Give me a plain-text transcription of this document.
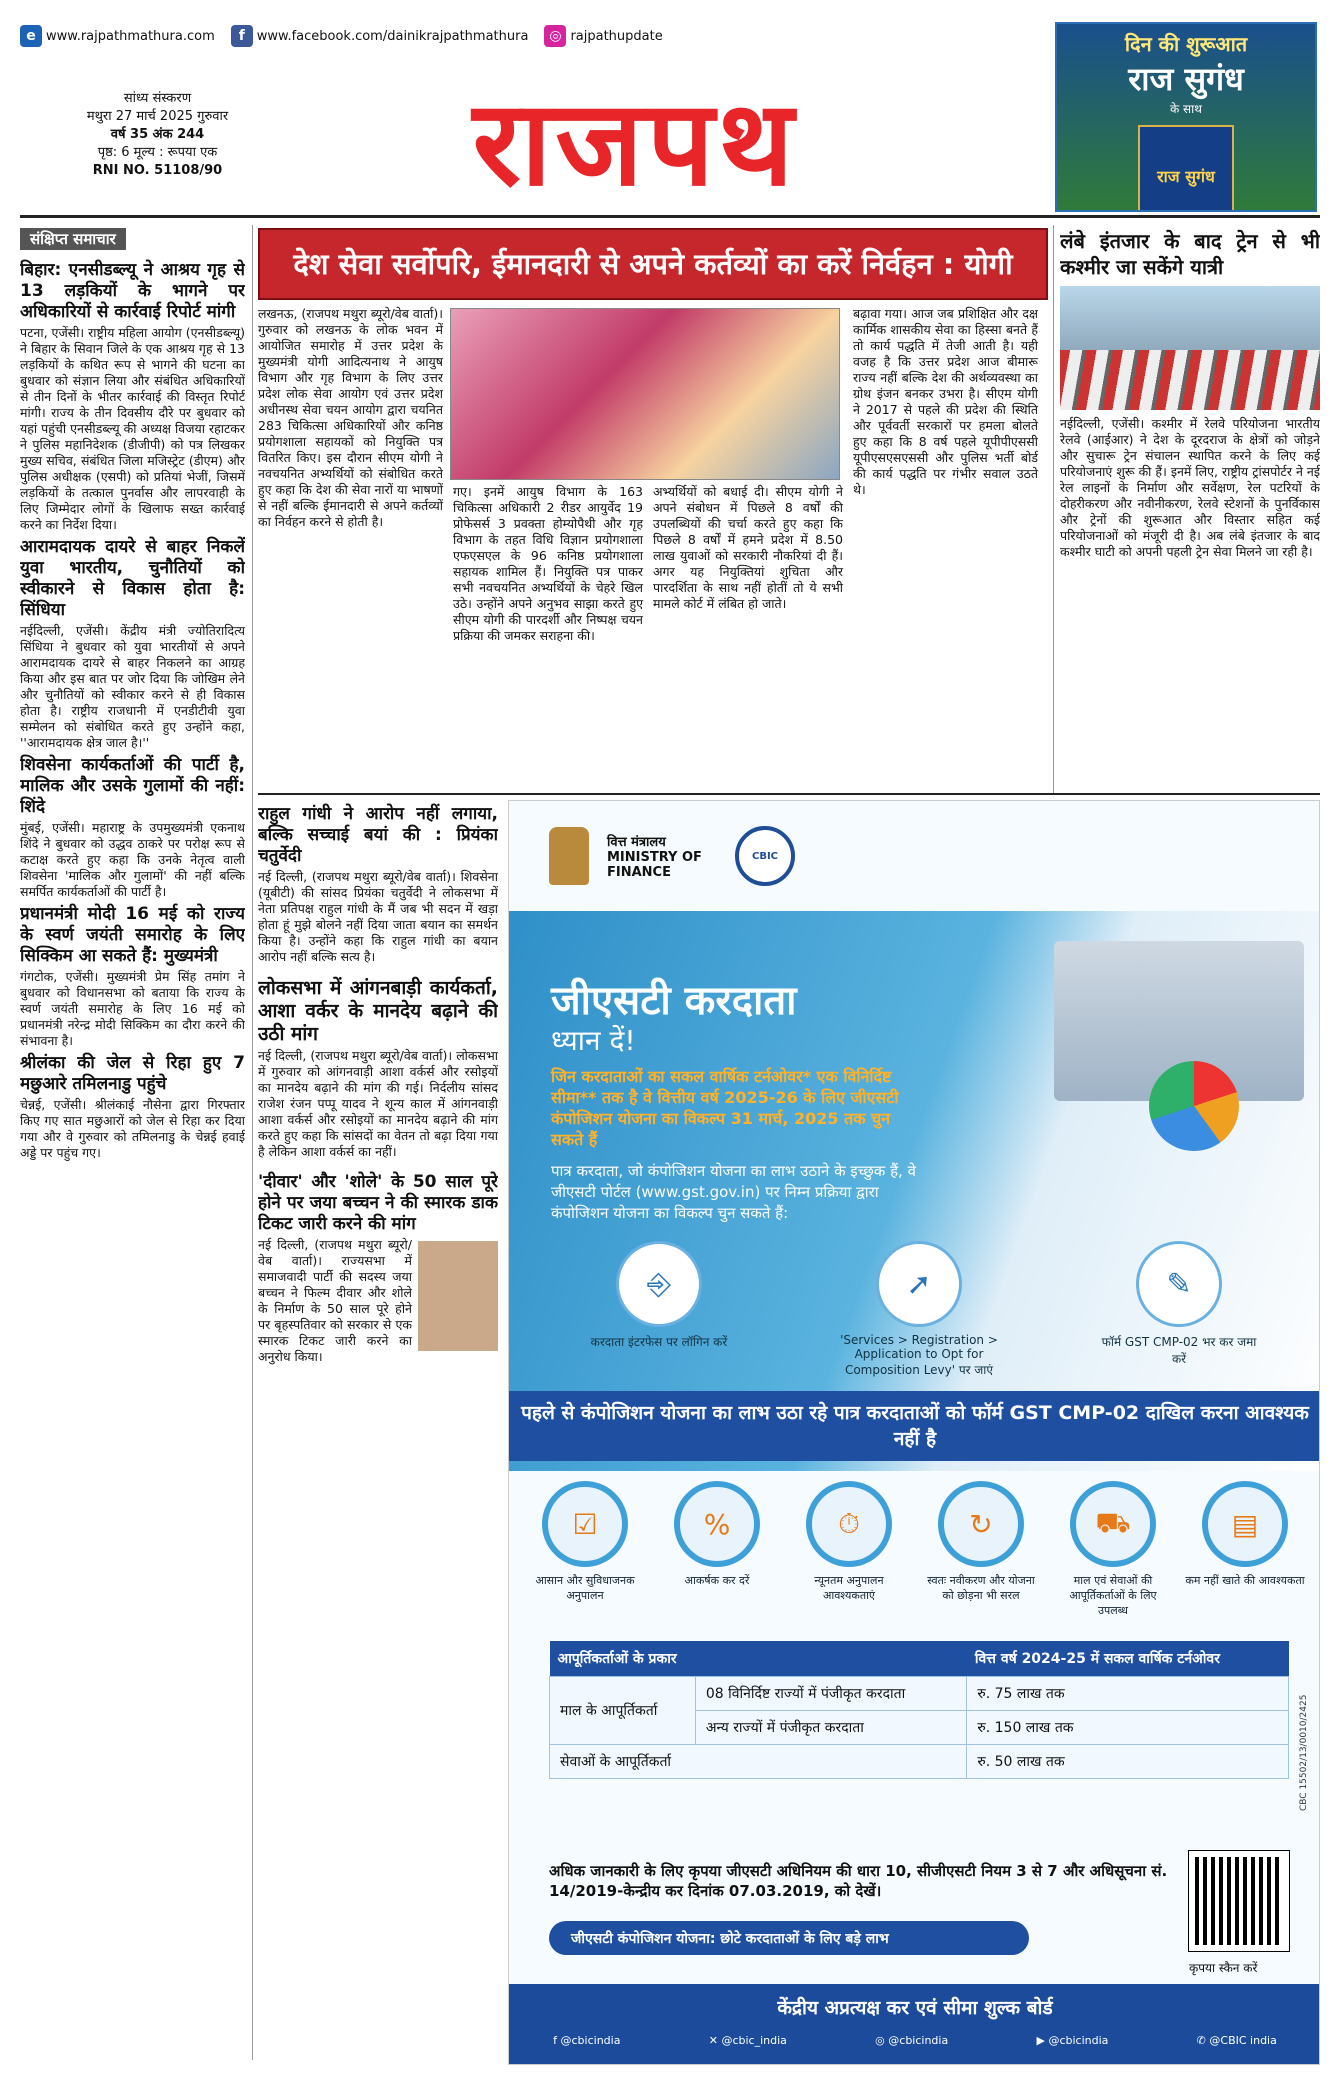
e www.rajpathmathura.com	f www.facebook.com/dainikrajpathmathura	◎ rajpathupdate
सांध्य संस्करण
मथुरा 27 मार्च 2025 गुरुवार
वर्ष 35 अंक 244
पृष्ठ: 6 मूल्य : रूपया एक
RNI NO. 51108/90	राजपथ
दिन की शुरूआत
राज सुगंध
के साथ
राज सुगंध
संक्षिप्त समाचार
बिहार: एनसीडब्ल्यू ने आश्रय गृह से 13 लड़कियों के भागने पर अधिकारियों से कार्रवाई रिपोर्ट मांगी
पटना, एजेंसी। राष्ट्रीय महिला आयोग (एनसीडब्ल्यू) ने बिहार के सिवान जिले के एक आश्रय गृह से 13 लड़कियों के कथित रूप से भागने की घटना का बुधवार को संज्ञान लिया और संबंधित अधिकारियों से तीन दिनों के भीतर कार्रवाई की विस्तृत रिपोर्ट मांगी। राज्य के तीन दिवसीय दौरे पर बुधवार को यहां पहुंची एनसीडब्ल्यू की अध्यक्ष विजया रहाटकर ने पुलिस महानिदेशक (डीजीपी) को पत्र लिखकर मुख्य सचिव, संबंधित जिला मजिस्ट्रेट (डीएम) और पुलिस अधीक्षक (एसपी) को प्रतियां भेजीं, जिसमें लड़कियों के तत्काल पुनर्वास और लापरवाही के लिए जिम्मेदार लोगों के खिलाफ सख्त कार्रवाई करने का निर्देश दिया।
आरामदायक दायरे से बाहर निकलें युवा भारतीय, चुनौतियों को स्वीकारने से विकास होता है: सिंधिया
नईदिल्ली, एजेंसी। केंद्रीय मंत्री ज्योतिरादित्य सिंधिया ने बुधवार को युवा भारतीयों से अपने आरामदायक दायरे से बाहर निकलने का आग्रह किया और इस बात पर जोर दिया कि जोखिम लेने और चुनौतियों को स्वीकार करने से ही विकास होता है। राष्ट्रीय राजधानी में एनडीटीवी युवा सम्मेलन को संबोधित करते हुए उन्होंने कहा, ''आरामदायक क्षेत्र जाल है।''
शिवसेना कार्यकर्ताओं की पार्टी है, मालिक और उसके गुलामों की नहीं: शिंदे
मुंबई, एजेंसी। महाराष्ट्र के उपमुख्यमंत्री एकनाथ शिंदे ने बुधवार को उद्धव ठाकरे पर परोक्ष रूप से कटाक्ष करते हुए कहा कि उनके नेतृत्व वाली शिवसेना 'मालिक और गुलामों' की नहीं बल्कि समर्पित कार्यकर्ताओं की पार्टी है।
प्रधानमंत्री मोदी 16 मई को राज्य के स्वर्ण जयंती समारोह के लिए सिक्किम आ सकते हैं: मुख्यमंत्री
गंगटोक, एजेंसी। मुख्यमंत्री प्रेम सिंह तमांग ने बुधवार को विधानसभा को बताया कि राज्य के स्वर्ण जयंती समारोह के लिए 16 मई को प्रधानमंत्री नरेन्द्र मोदी सिक्किम का दौरा करने की संभावना है।
श्रीलंका की जेल से रिहा हुए 7 मछुआरे तमिलनाडु पहुंचे
चेन्नई, एजेंसी। श्रीलंकाई नौसेना द्वारा गिरफ्तार किए गए सात मछुआरों को जेल से रिहा कर दिया गया और वे गुरुवार को तमिलनाडु के चेन्नई हवाई अड्डे पर पहुंच गए।
देश सेवा सर्वोपरि, ईमानदारी से अपने कर्तव्यों का करें निर्वहन : योगी
लखनऊ, (राजपथ मथुरा ब्यूरो/वेब वार्ता)। गुरुवार को लखनऊ के लोक भवन में आयोजित समारोह में उत्तर प्रदेश के मुख्यमंत्री योगी आदित्यनाथ ने आयुष विभाग और गृह विभाग के लिए उत्तर प्रदेश लोक सेवा आयोग एवं उत्तर प्रदेश अधीनस्थ सेवा चयन आयोग द्वारा चयनित 283 चिकित्सा अधिकारियों और कनिष्ठ प्रयोगशाला सहायकों को नियुक्ति पत्र वितरित किए। इस दौरान सीएम योगी ने नवचयनित अभ्यर्थियों को संबोधित करते हुए कहा कि देश की सेवा नारों या भाषणों से नहीं बल्कि ईमानदारी से अपने कर्तव्यों का निर्वहन करने से होती है।
गए। इनमें आयुष विभाग के 163 चिकित्सा अधिकारी 2 रीडर आयुर्वेद 19 प्रोफेसर्स 3 प्रवक्ता होम्योपैथी और गृह विभाग के तहत विधि विज्ञान प्रयोगशाला एफएसएल के 96 कनिष्ठ प्रयोगशाला सहायक शामिल हैं। नियुक्ति पत्र पाकर सभी नवचयनित अभ्यर्थियों के चेहरे खिल उठे। उन्होंने अपने अनुभव साझा करते हुए सीएम योगी की पारदर्शी और निष्पक्ष चयन प्रक्रिया की जमकर सराहना की।
अभ्यर्थियों को बधाई दी। सीएम योगी ने अपने संबोधन में पिछले 8 वर्षों की उपलब्धियों की चर्चा करते हुए कहा कि पिछले 8 वर्षों में हमने प्रदेश में 8.50 लाख युवाओं को सरकारी नौकरियां दी हैं। अगर यह नियुक्तियां शुचिता और पारदर्शिता के साथ नहीं होतीं तो ये सभी मामले कोर्ट में लंबित हो जाते।
बढ़ावा गया। आज जब प्रशिक्षित और दक्ष कार्मिक शासकीय सेवा का हिस्सा बनते हैं तो कार्य पद्धति में तेजी आती है। यही वजह है कि उत्तर प्रदेश आज बीमारू राज्य नहीं बल्कि देश की अर्थव्यवस्था का ग्रोथ इंजन बनकर उभरा है। सीएम योगी ने 2017 से पहले की प्रदेश की स्थिति और पूर्ववर्ती सरकारों पर हमला बोलते हुए कहा कि 8 वर्ष पहले यूपीपीएससी यूपीएसएसएससी और पुलिस भर्ती बोर्ड की कार्य पद्धति पर गंभीर सवाल उठते थे।
लंबे इंतजार के बाद ट्रेन से भी कश्मीर जा सकेंगे यात्री
नईदिल्ली, एजेंसी। कश्मीर में रेलवे परियोजना भारतीय रेलवे (आईआर) ने देश के दूरदराज के क्षेत्रों को जोड़ने और सुचारू ट्रेन संचालन स्थापित करने के लिए कई परियोजनाएं शुरू की हैं। इनमें लिए, राष्ट्रीय ट्रांसपोर्टर ने नई रेल लाइनों के निर्माण और सर्वेक्षण, रेल पटरियों के दोहरीकरण और नवीनीकरण, रेलवे स्टेशनों के पुनर्विकास और ट्रेनों की शुरूआत और विस्तार सहित कई परियोजनाओं को मंजूरी दी है। अब लंबे इंतजार के बाद कश्मीर घाटी को अपनी पहली ट्रेन सेवा मिलने जा रही है।
राहुल गांधी ने आरोप नहीं लगाया, बल्कि सच्चाई बयां की : प्रियंका चतुर्वेदी
नई दिल्ली, (राजपथ मथुरा ब्यूरो/वेब वार्ता)। शिवसेना (यूबीटी) की सांसद प्रियंका चतुर्वेदी ने लोकसभा में नेता प्रतिपक्ष राहुल गांधी के मैं जब भी सदन में खड़ा होता हूं मुझे बोलने नहीं दिया जाता बयान का समर्थन किया है। उन्होंने कहा कि राहुल गांधी का बयान आरोप नहीं बल्कि सत्य है।
लोकसभा में आंगनबाड़ी कार्यकर्ता, आशा वर्कर के मानदेय बढ़ाने की उठी मांग
नई दिल्ली, (राजपथ मथुरा ब्यूरो/वेब वार्ता)। लोकसभा में गुरुवार को आंगनवाड़ी आशा वर्कर्स और रसोइयों का मानदेय बढ़ाने की मांग की गई। निर्दलीय सांसद राजेश रंजन पप्पू यादव ने शून्य काल में आंगनवाड़ी आशा वर्कर्स और रसोइयों का मानदेय बढ़ाने की मांग करते हुए कहा कि सांसदों का वेतन तो बढ़ा दिया गया है लेकिन आशा वर्कर्स का नहीं।
'दीवार' और 'शोले' के 50 साल पूरे होने पर जया बच्चन ने की स्मारक डाक टिकट जारी करने की मांग
नई दिल्ली, (राजपथ मथुरा ब्यूरो/वेब वार्ता)। राज्यसभा में समाजवादी पार्टी की सदस्य जया बच्चन ने फिल्म दीवार और शोले के निर्माण के 50 साल पूरे होने पर बृहस्पतिवार को सरकार से एक स्मारक टिकट जारी करने का अनुरोध किया।
वित्त मंत्रालय MINISTRY OF FINANCE
CBIC
जीएसटी करदाता
ध्यान दें!
जिन करदाताओं का सकल वार्षिक टर्नओवर* एक विनिर्दिष्ट सीमा** तक है वे वित्तीय वर्ष 2025-26 के लिए जीएसटी कंपोजिशन योजना का विकल्प 31 मार्च, 2025 तक चुन सकते हैं
पात्र करदाता, जो कंपोजिशन योजना का लाभ उठाने के इच्छुक हैं, वे जीएसटी पोर्टल (www.gst.gov.in) पर निम्न प्रक्रिया द्वारा कंपोजिशन योजना का विकल्प चुन सकते हैं:
⎆
करदाता इंटरफेस पर लॉगिन करें
➚
'Services > Registration > Application to Opt for Composition Levy' पर जाएं
✎
फॉर्म GST CMP-02 भर कर जमा करें
पहले से कंपोजिशन योजना का लाभ उठा रहे पात्र करदाताओं को फॉर्म GST CMP-02 दाखिल करना आवश्यक नहीं है
☑
आसान और सुविधाजनक अनुपालन
%
आकर्षक कर दरें
⏱
न्यूनतम अनुपालन आवश्यकताएं
↻
स्वतः नवीकरण और योजना को छोड़ना भी सरल
⛟
माल एवं सेवाओं की आपूर्तिकर्ताओं के लिए उपलब्ध
▤
कम नहीं खाते की आवश्यकता
आपूर्तिकर्ताओं के प्रकार		वित्त वर्ष 2024-25 में सकल वार्षिक टर्नओवर
माल के आपूर्तिकर्ता	08 विनिर्दिष्ट राज्यों में पंजीकृत करदाता	रु. 75 लाख तक
	अन्य राज्यों में पंजीकृत करदाता	रु. 150 लाख तक
सेवाओं के आपूर्तिकर्ता		रु. 50 लाख तक
अधिक जानकारी के लिए कृपया जीएसटी अधिनियम की धारा 10, सीजीएसटी नियम 3 से 7 और अधिसूचना सं. 14/2019-केन्द्रीय कर दिनांक 07.03.2019, को देखें।
जीएसटी कंपोजिशन योजना: छोटे करदाताओं के लिए बड़े लाभ
कृपया स्कैन करें
CBC 15502/13/0010/2425
केंद्रीय अप्रत्यक्ष कर एवं सीमा शुल्क बोर्ड
f @cbicindia	✕ @cbic_india	◎ @cbicindia	▶ @cbicindia	✆ @CBIC india
